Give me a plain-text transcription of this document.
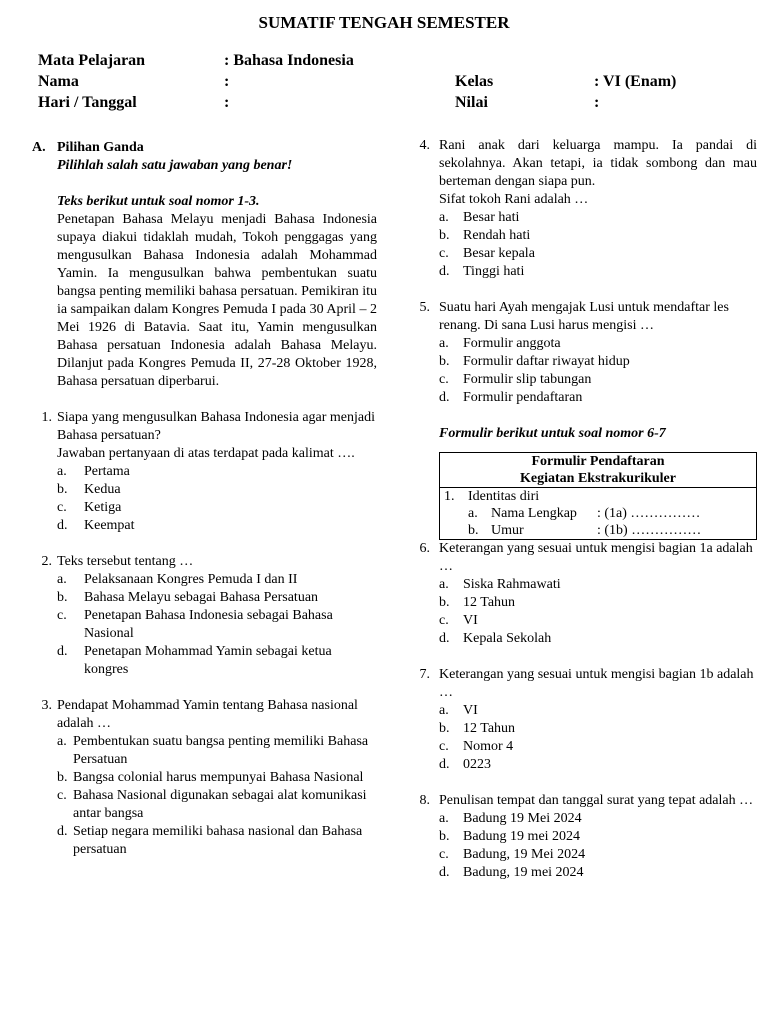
SUMATIF TENGAH SEMESTER
Mata Pelajaran	: Bahasa Indonesia
Nama	:	Kelas	: VI (Enam)
Hari / Tanggal	:	Nilai	:
A. Pilihan Ganda
Pilihlah salah satu jawaban yang benar!
Teks berikut untuk soal nomor 1-3.
Penetapan Bahasa Melayu menjadi Bahasa Indonesia supaya diakui tidaklah mudah, Tokoh penggagas yang mengusulkan Bahasa Indonesia adalah Mohammad Yamin. Ia mengusulkan bahwa pembentukan suatu bangsa penting memiliki bahasa persatuan. Pemikiran itu ia sampaikan dalam Kongres Pemuda I pada 30 April – 2 Mei 1926 di Batavia. Saat itu, Yamin mengusulkan Bahasa persatuan Indonesia adalah Bahasa Melayu. Dilanjut pada Kongres Pemuda II, 27-28 Oktober 1928, Bahasa persatuan diperbarui.
1. Siapa yang mengusulkan Bahasa Indonesia agar menjadi Bahasa persatuan?
Jawaban pertanyaan di atas terdapat pada kalimat ….
a. Pertama
b. Kedua
c. Ketiga
d. Keempat
2. Teks tersebut tentang …
a. Pelaksanaan Kongres Pemuda I dan II
b. Bahasa Melayu sebagai Bahasa Persatuan
c. Penetapan Bahasa Indonesia sebagai Bahasa Nasional
d. Penetapan Mohammad Yamin sebagai ketua kongres
3. Pendapat Mohammad Yamin tentang Bahasa nasional adalah …
a. Pembentukan suatu bangsa penting memiliki Bahasa Persatuan
b. Bangsa colonial harus mempunyai Bahasa Nasional
c. Bahasa Nasional digunakan sebagai alat komunikasi antar bangsa
d. Setiap negara memiliki bahasa nasional dan Bahasa persatuan
4. Rani anak dari keluarga mampu. Ia pandai di sekolahnya. Akan tetapi, ia tidak sombong dan mau berteman dengan siapa pun.
Sifat tokoh Rani adalah …
a. Besar hati
b. Rendah hati
c. Besar kepala
d. Tinggi hati
5. Suatu hari Ayah mengajak Lusi untuk mendaftar les renang. Di sana Lusi harus mengisi …
a. Formulir anggota
b. Formulir daftar riwayat hidup
c. Formulir slip tabungan
d. Formulir pendaftaran
Formulir berikut untuk soal nomor 6-7
Formulir Pendaftaran
Kegiatan Ekstrakurikuler

1. Identitas diri
a. Nama Lengkap : (1a) ……………
b. Umur	: (1b) ……………
6. Keterangan yang sesuai untuk mengisi bagian 1a adalah …
a. Siska Rahmawati
b. 12 Tahun
c. VI
d. Kepala Sekolah
7. Keterangan yang sesuai untuk mengisi bagian 1b adalah …
a. VI
b. 12 Tahun
c. Nomor 4
d. 0223
8. Penulisan tempat dan tanggal surat yang tepat adalah …
a. Badung 19 Mei 2024
b. Badung 19 mei 2024
c. Badung, 19 Mei 2024
d. Badung, 19 mei 2024
